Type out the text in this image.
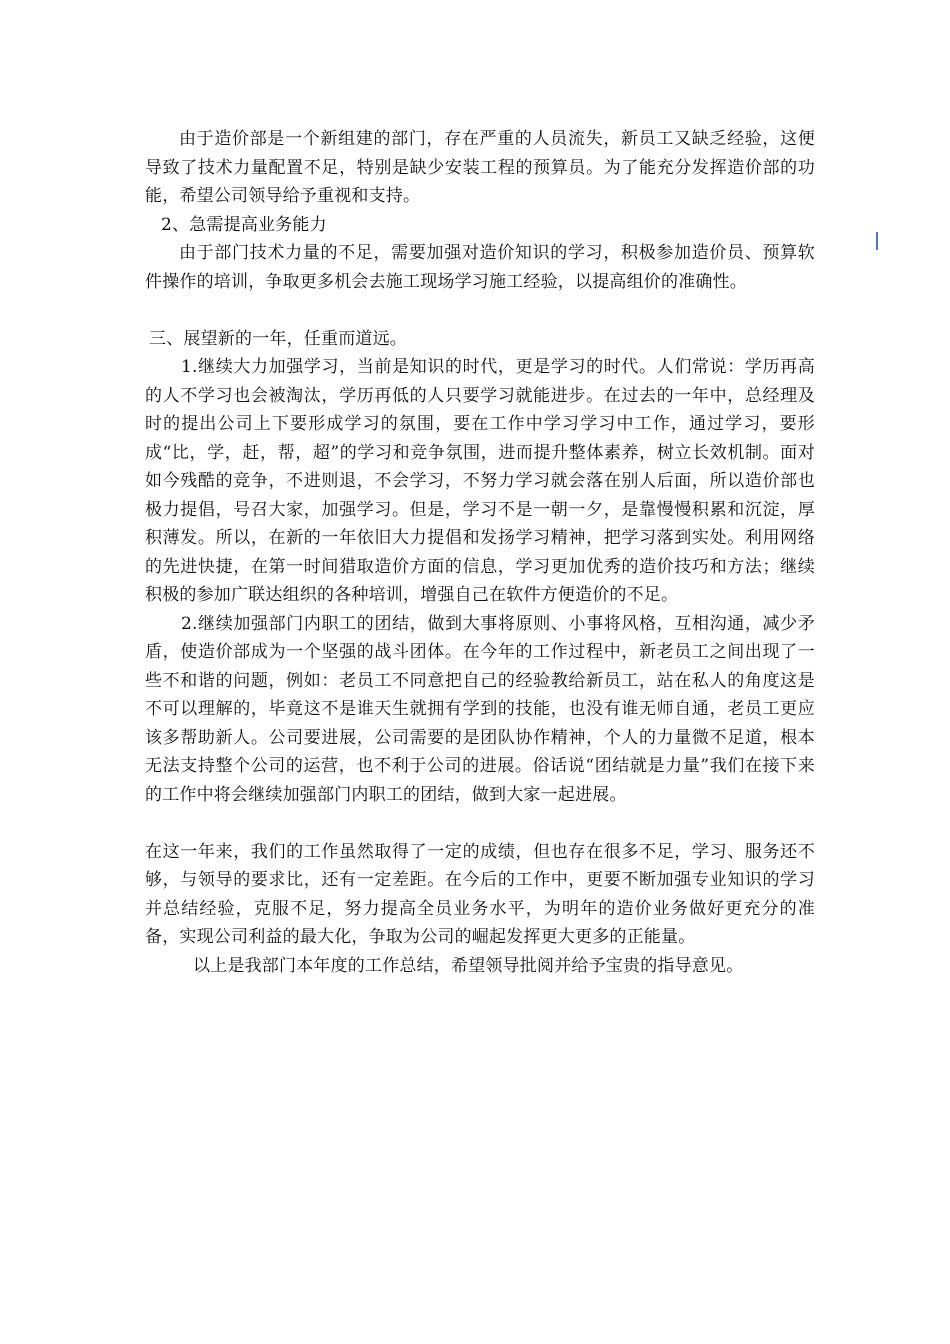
由于造价部是一个新组建的部门，存在严重的人员流失，新员工又缺乏经验，这便导致了技术力量配置不足，特别是缺少安装工程的预算员。为了能充分发挥造价部的功能，希望公司领导给予重视和支持。

2、急需提高业务能力

由于部门技术力量的不足，需要加强对造价知识的学习，积极参加造价员、预算软件操作的培训，争取更多机会去施工现场学习施工经验，以提高组价的准确性。

三、展望新的一年，任重而道远。

1.继续大力加强学习，当前是知识的时代，更是学习的时代。人们常说：学历再高的人不学习也会被淘汰，学历再低的人只要学习就能进步。在过去的一年中，总经理及时的提出公司上下要形成学习的氛围，要在工作中学习学习中工作，通过学习，要形成“比，学，赶，帮，超”的学习和竞争氛围，进而提升整体素养，树立长效机制。面对如今残酷的竞争，不进则退，不会学习，不努力学习就会落在别人后面，所以造价部也极力提倡，号召大家，加强学习。但是，学习不是一朝一夕，是靠慢慢积累和沉淀，厚积薄发。所以，在新的一年依旧大力提倡和发扬学习精神，把学习落到实处。利用网络的先进快捷，在第一时间猎取造价方面的信息，学习更加优秀的造价技巧和方法；继续积极的参加广联达组织的各种培训，增强自己在软件方便造价的不足。

2.继续加强部门内职工的团结，做到大事将原则、小事将风格，互相沟通，减少矛盾，使造价部成为一个坚强的战斗团体。在今年的工作过程中，新老员工之间出现了一些不和谐的问题，例如：老员工不同意把自己的经验教给新员工，站在私人的角度这是不可以理解的，毕竟这不是谁天生就拥有学到的技能，也没有谁无师自通，老员工更应该多帮助新人。公司要进展，公司需要的是团队协作精神，个人的力量微不足道，根本无法支持整个公司的运营，也不利于公司的进展。俗话说“团结就是力量”我们在接下来的工作中将会继续加强部门内职工的团结，做到大家一起进展。

在这一年来，我们的工作虽然取得了一定的成绩，但也存在很多不足，学习、服务还不够，与领导的要求比，还有一定差距。在今后的工作中，更要不断加强专业知识的学习并总结经验，克服不足，努力提高全员业务水平，为明年的造价业务做好更充分的准备，实现公司利益的最大化，争取为公司的崛起发挥更大更多的正能量。

以上是我部门本年度的工作总结，希望领导批阅并给予宝贵的指导意见。
